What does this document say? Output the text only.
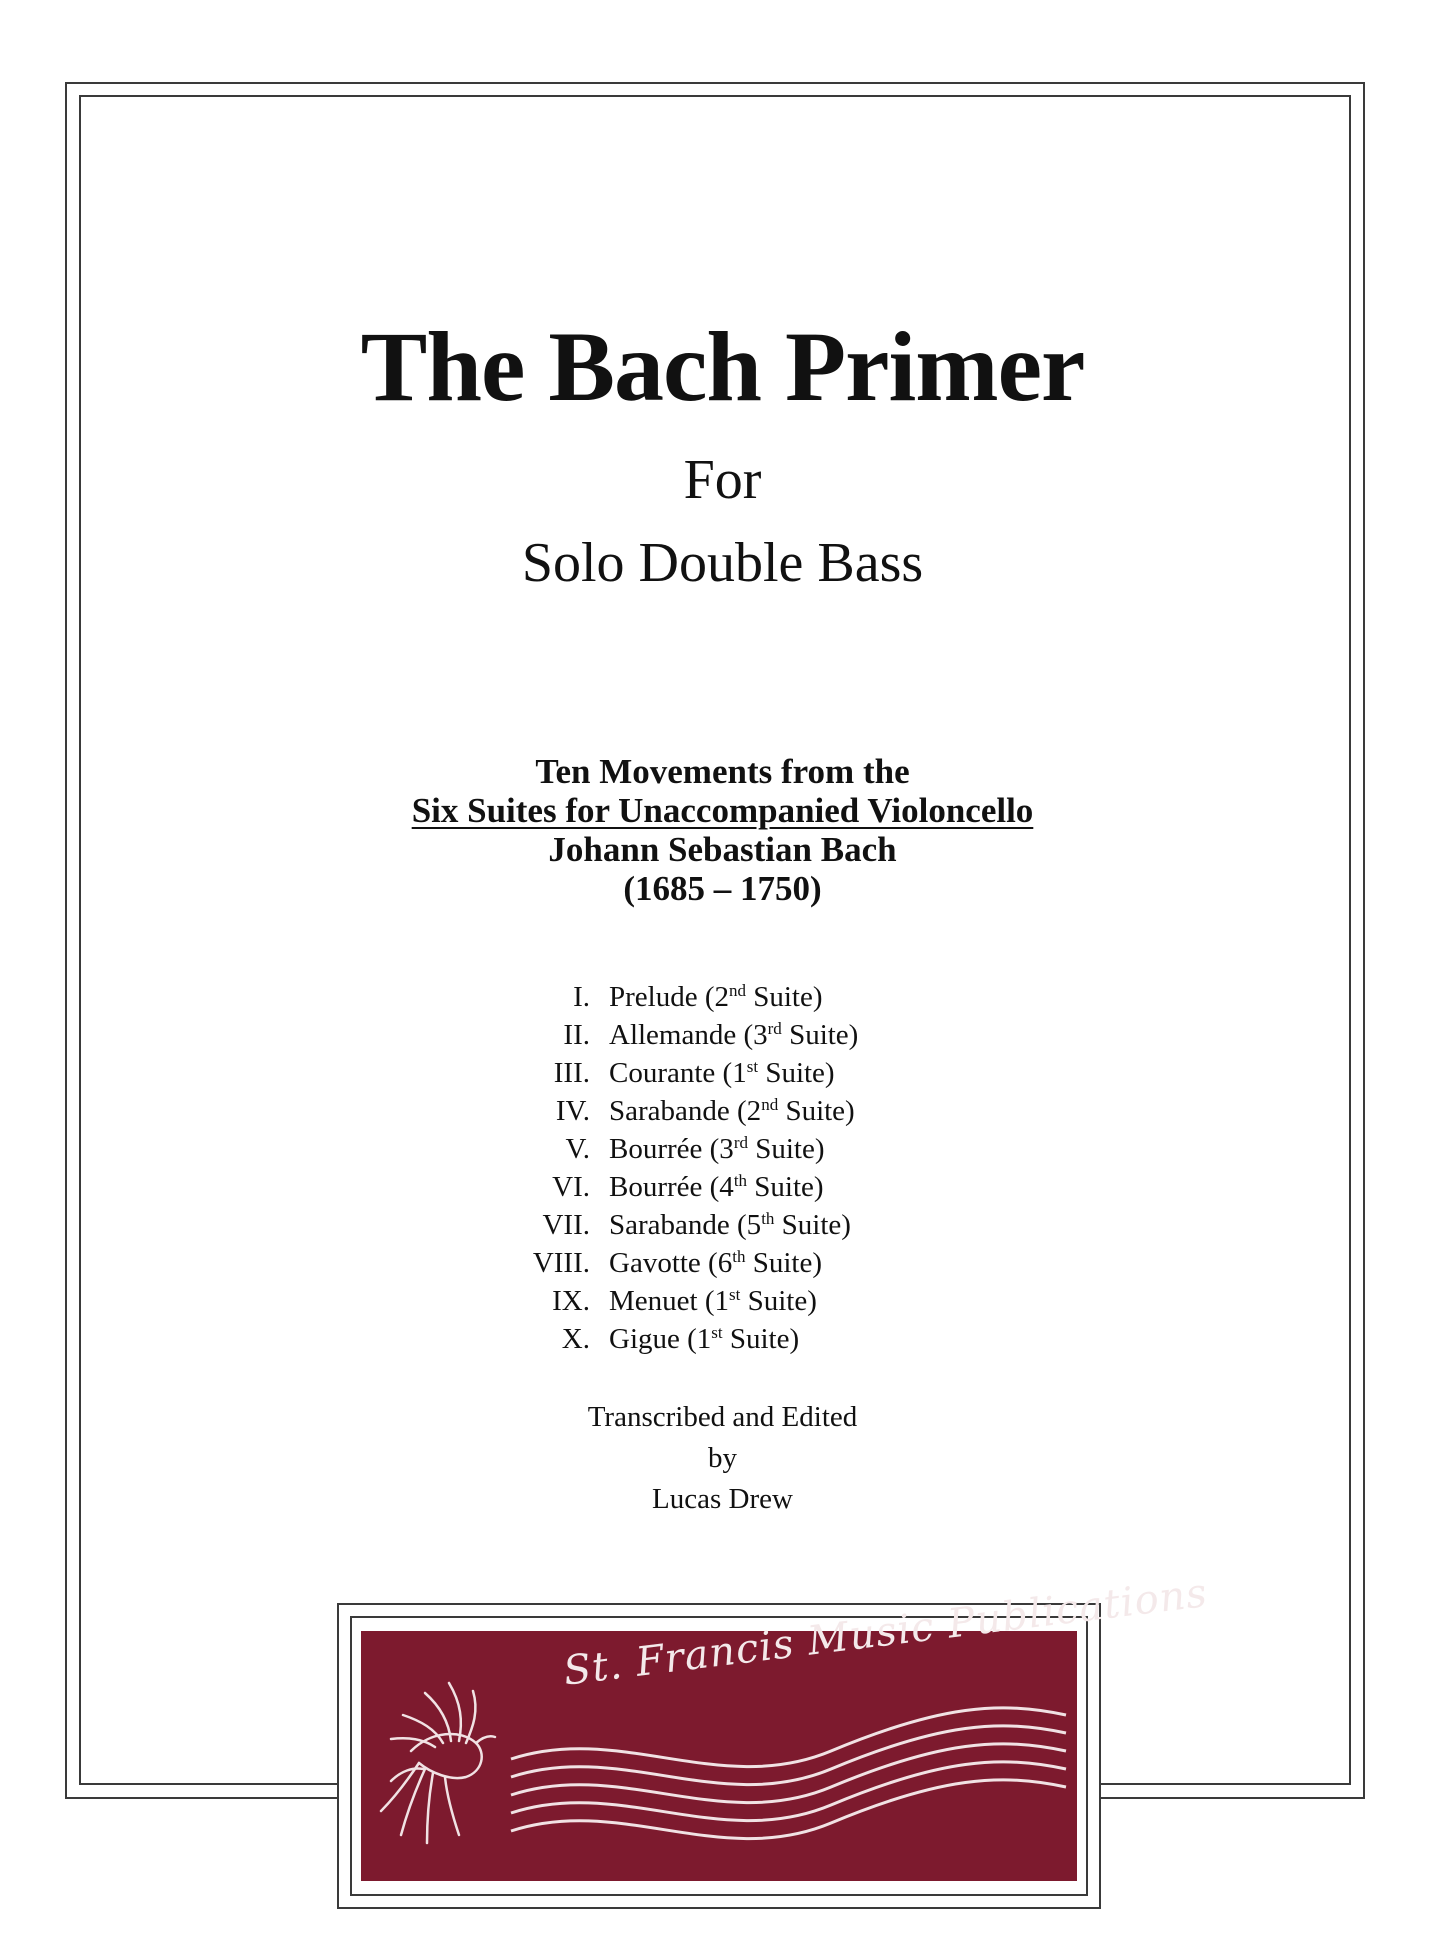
The Bach Primer
For
Solo Double Bass
Ten Movements from the
Six Suites for Unaccompanied Violoncello
Johann Sebastian Bach
(1685 – 1750)
I. Prelude (2nd Suite)
II. Allemande (3rd Suite)
III. Courante (1st Suite)
IV. Sarabande (2nd Suite)
V. Bourrée (3rd Suite)
VI. Bourrée (4th Suite)
VII. Sarabande (5th Suite)
VIII. Gavotte (6th Suite)
IX. Menuet (1st Suite)
X. Gigue (1st Suite)
Transcribed and Edited
by
Lucas Drew
St. Francis Music Publications
